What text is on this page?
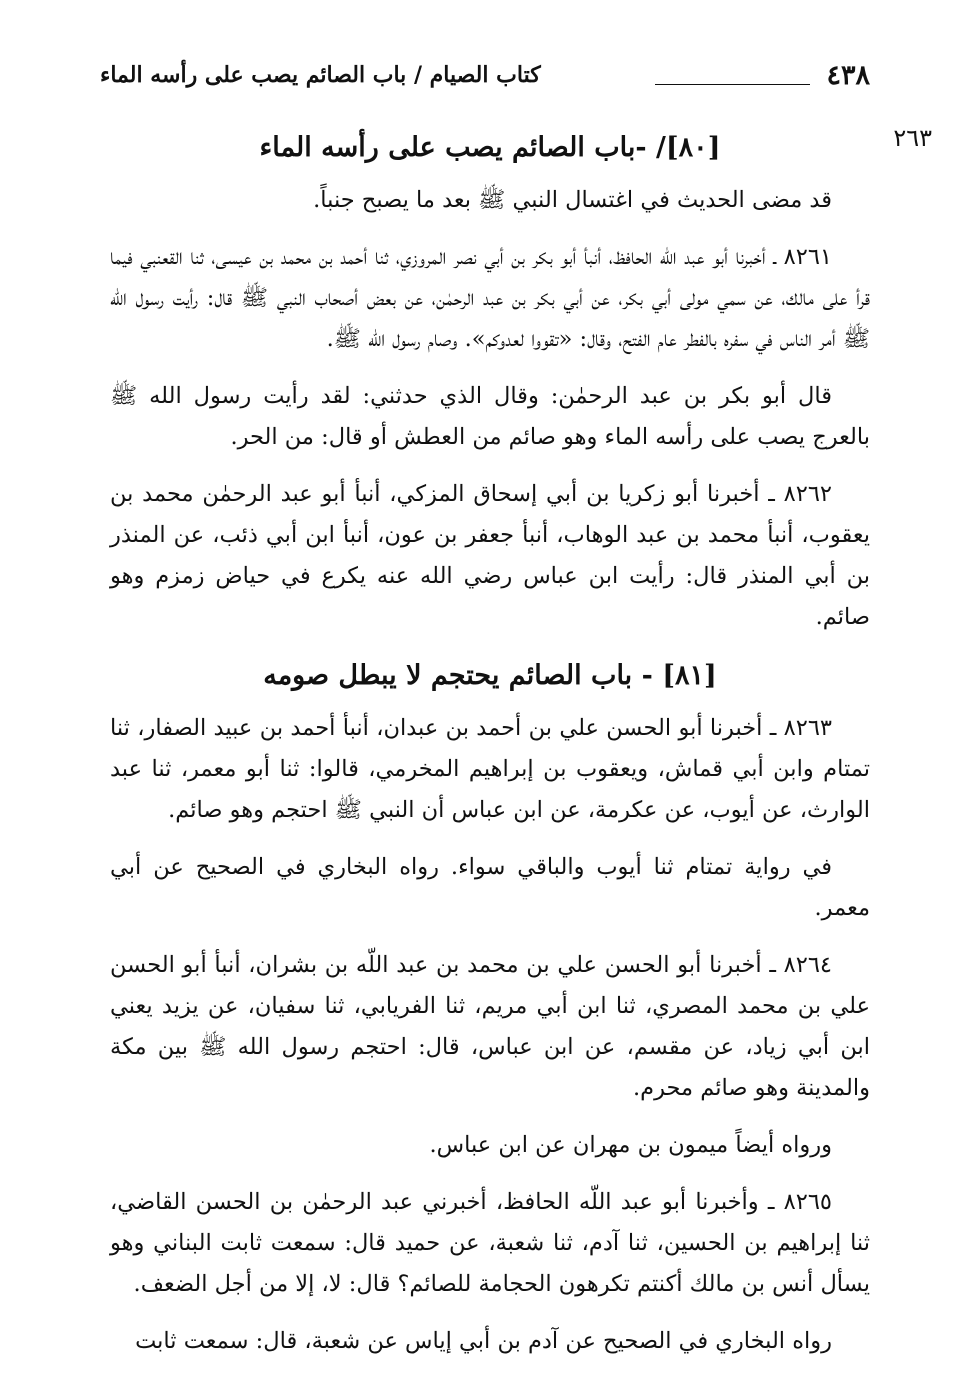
٤٣٨
كتاب الصيام / باب الصائم يصب على رأسه الماء
٢٦٣
[٨٠]/ -باب الصائم يصب على رأسه الماء

قد مضى الحديث في اغتسال النبي ﷺ بعد ما يصبح جنباً.

٨٢٦١ ـ أخبرنا أبو عبد اللّه الحافظ، أنبأ أبو بكر بن أبي نصر المروزي، ثنا أحمد بن محمد بن عيسى، ثنا القعنبي فيما قرأ على مالك، عن سمي مولى أبي بكر، عن أبي بكر بن عبد الرحمٰن، عن بعض أصحاب النبي ﷺ قال: رأيت رسول الله ﷺ أمر الناس في سفره بالفطر عام الفتح، وقال: «تقووا لعدوكم». وصام رسول الله ﷺ.

قال أبو بكر بن عبد الرحمٰن: وقال الذي حدثني: لقد رأيت رسول الله ﷺ بالعرج يصب على رأسه الماء وهو صائم من العطش أو قال: من الحر.

٨٢٦٢ ـ أخبرنا أبو زكريا بن أبي إسحاق المزكي، أنبأ أبو عبد الرحمٰن محمد بن يعقوب، أنبأ محمد بن عبد الوهاب، أنبأ جعفر بن عون، أنبأ ابن أبي ذئب، عن المنذر بن أبي المنذر قال: رأيت ابن عباس رضي الله عنه يكرع في حياض زمزم وهو صائم.

[٨١] - باب الصائم يحتجم لا يبطل صومه

٨٢٦٣ ـ أخبرنا أبو الحسن علي بن أحمد بن عبدان، أنبأ أحمد بن عبيد الصفار، ثنا تمتام وابن أبي قماش، ويعقوب بن إبراهيم المخرمي، قالوا: ثنا أبو معمر، ثنا عبد الوارث، عن أيوب، عن عكرمة، عن ابن عباس أن النبي ﷺ احتجم وهو صائم.

في رواية تمتام ثنا أيوب والباقي سواء. رواه البخاري في الصحيح عن أبي معمر.

٨٢٦٤ ـ أخبرنا أبو الحسن علي بن محمد بن عبد اللّه بن بشران، أنبأ أبو الحسن علي بن محمد المصري، ثنا ابن أبي مريم، ثنا الفريابي، ثنا سفيان، عن يزيد يعني ابن أبي زياد، عن مقسم، عن ابن عباس، قال: احتجم رسول الله ﷺ بين مكة والمدينة وهو صائم محرم.

ورواه أيضاً ميمون بن مهران عن ابن عباس.

٨٢٦٥ ـ وأخبرنا أبو عبد اللّه الحافظ، أخبرني عبد الرحمٰن بن الحسن القاضي، ثنا إبراهيم بن الحسين، ثنا آدم، ثنا شعبة، عن حميد قال: سمعت ثابت البناني وهو يسأل أنس بن مالك أكنتم تكرهون الحجامة للصائم؟ قال: لا، إلا من أجل الضعف.

رواه البخاري في الصحيح عن آدم بن أبي إياس عن شعبة، قال: سمعت ثابت
